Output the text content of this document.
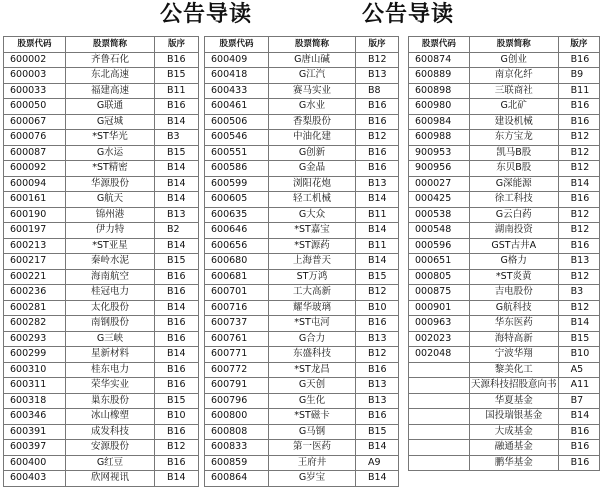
公告导读	公告导读
股票代码	股票简称	版序
600002	齐鲁石化	B16
600003	东北高速	B15
600033	福建高速	B11
600050	G联通	B16
600067	G冠城	B14
600076	*ST华光	B3
600087	G水运	B15
600092	*ST精密	B14
600094	华源股份	B14
600161	G航天	B14
600190	锦州港	B13
600197	伊力特	B2
600213	*ST亚星	B14
600217	秦岭水泥	B15
600221	海南航空	B16
600236	桂冠电力	B16
600281	太化股份	B14
600282	南钢股份	B16
600293	G三峡	B16
600299	星新材料	B14
600310	桂东电力	B16
600311	荣华实业	B16
600318	巢东股份	B15
600346	冰山橡塑	B10
600391	成发科技	B16
600397	安源股份	B12
600400	G红豆	B16
600403	欣网视讯	B14
股票代码	股票简称	版序
600409	G唐山碱	B12
600418	G江汽	B13
600433	赛马实业	B8
600461	G水业	B16
600506	香梨股份	B16
600546	中油化建	B12
600551	G创新	B16
600586	G金晶	B16
600599	浏阳花炮	B13
600605	轻工机械	B14
600635	G大众	B11
600646	*ST嘉宝	B14
600656	*ST源药	B11
600680	上海普天	B14
600681	ST万鸿	B15
600701	工大高新	B12
600716	耀华玻璃	B10
600737	*ST屯河	B16
600761	G合力	B13
600771	东盛科技	B12
600772	*ST龙昌	B16
600791	G天创	B13
600796	G生化	B13
600800	*ST磁卡	B16
600808	G马钢	B15
600833	第一医药	B14
600859	王府井	A9
600864	G岁宝	B14
股票代码	股票简称	版序
600874	G创业	B16
600889	南京化纤	B9
600898	三联商社	B11
600980	G北矿	B16
600984	建设机械	B16
600988	东方宝龙	B12
900953	凯马B股	B12
900956	东贝B股	B12
000027	G深能源	B14
000425	徐工科技	B16
000538	G云白药	B12
000548	湖南投资	B12
000596	GST古井A	B16
000651	G格力	B13
000805	*ST炎黄	B12
000875	吉电股份	B3
000901	G航科技	B12
000963	华东医药	B14
002023	海特高新	B15
002048	宁波华翔	B10
	黎美化工	A5
	天源科技招股意向书	A11
	华夏基金	B7
	国投瑞银基金	B14
	大成基金	B16
	融通基金	B16
	鹏华基金	B16
